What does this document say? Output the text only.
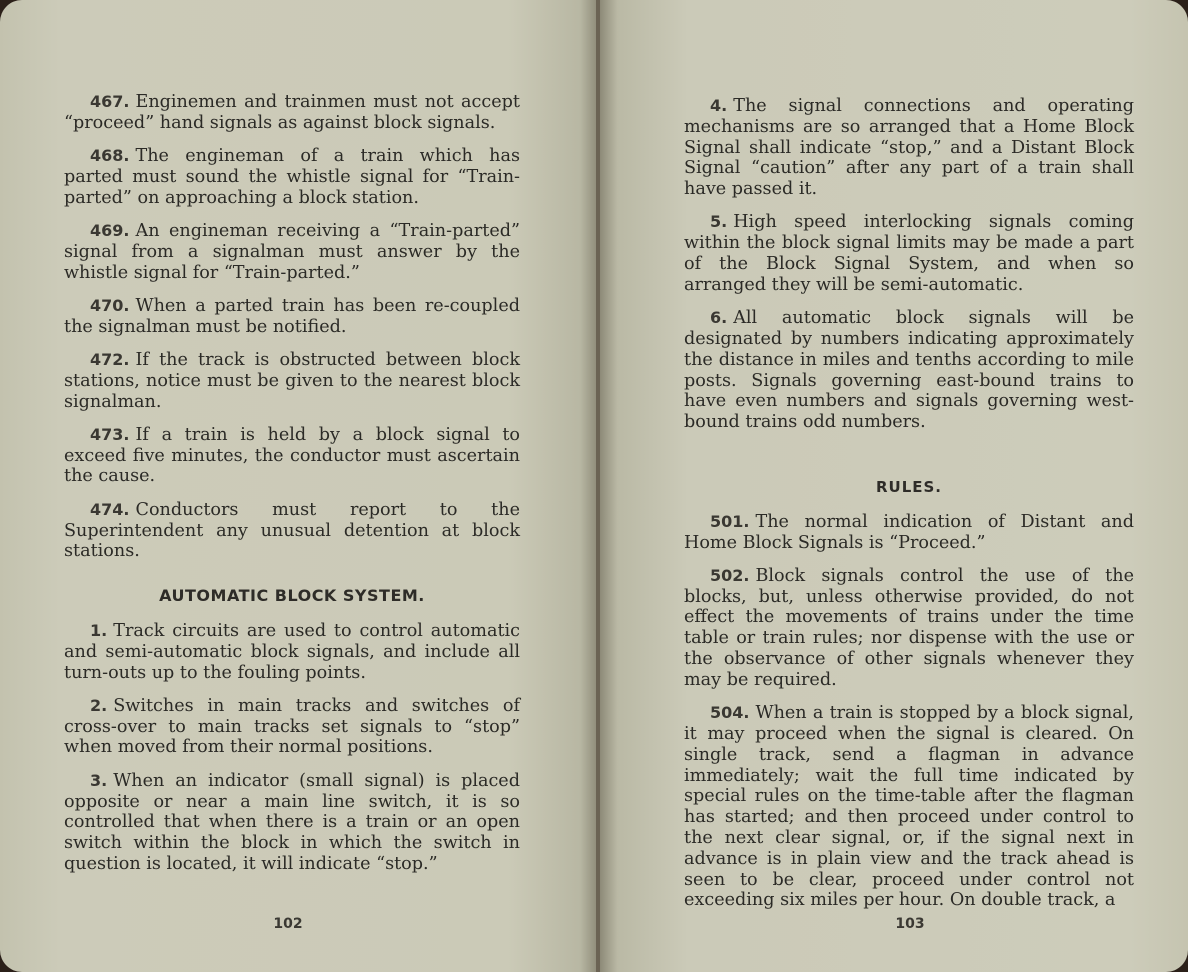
467. Enginemen and trainmen must not accept “proceed” hand signals as against block signals.

468. The engineman of a train which has parted must sound the whistle signal for “Train-parted” on approaching a block station.

469. An engineman receiving a “Train-parted” signal from a signalman must answer by the whistle signal for “Train-parted.”

470. When a parted train has been re-coupled the signalman must be notified.

472. If the track is obstructed between block stations, notice must be given to the nearest block signalman.

473. If a train is held by a block signal to exceed five minutes, the conductor must ascertain the cause.

474. Conductors must report to the Superintendent any unusual detention at block stations.

AUTOMATIC BLOCK SYSTEM.

1. Track circuits are used to control automatic and semi-automatic block signals, and include all turn-outs up to the fouling points.

2. Switches in main tracks and switches of cross-over to main tracks set signals to “stop” when moved from their normal positions.

3. When an indicator (small signal) is placed opposite or near a main line switch, it is so controlled that when there is a train or an open switch within the block in which the switch in question is located, it will indicate “stop.”

102

4. The signal connections and operating mechanisms are so arranged that a Home Block Signal shall indicate “stop,” and a Distant Block Signal “caution” after any part of a train shall have passed it.

5. High speed interlocking signals coming within the block signal limits may be made a part of the Block Signal System, and when so arranged they will be semi-automatic.

6. All automatic block signals will be designated by numbers indicating approximately the distance in miles and tenths according to mile posts. Signals governing east-bound trains to have even numbers and signals governing west-bound trains odd numbers.

RULES.

501. The normal indication of Distant and Home Block Signals is “Proceed.”

502. Block signals control the use of the blocks, but, unless otherwise provided, do not effect the movements of trains under the time table or train rules; nor dispense with the use or the observance of other signals whenever they may be required.

504. When a train is stopped by a block signal, it may proceed when the signal is cleared. On single track, send a flagman in advance immediately; wait the full time indicated by special rules on the time-table after the flagman has started; and then proceed under control to the next clear signal, or, if the signal next in advance is in plain view and the track ahead is seen to be clear, proceed under control not exceeding six miles per hour. On double track, a

103
